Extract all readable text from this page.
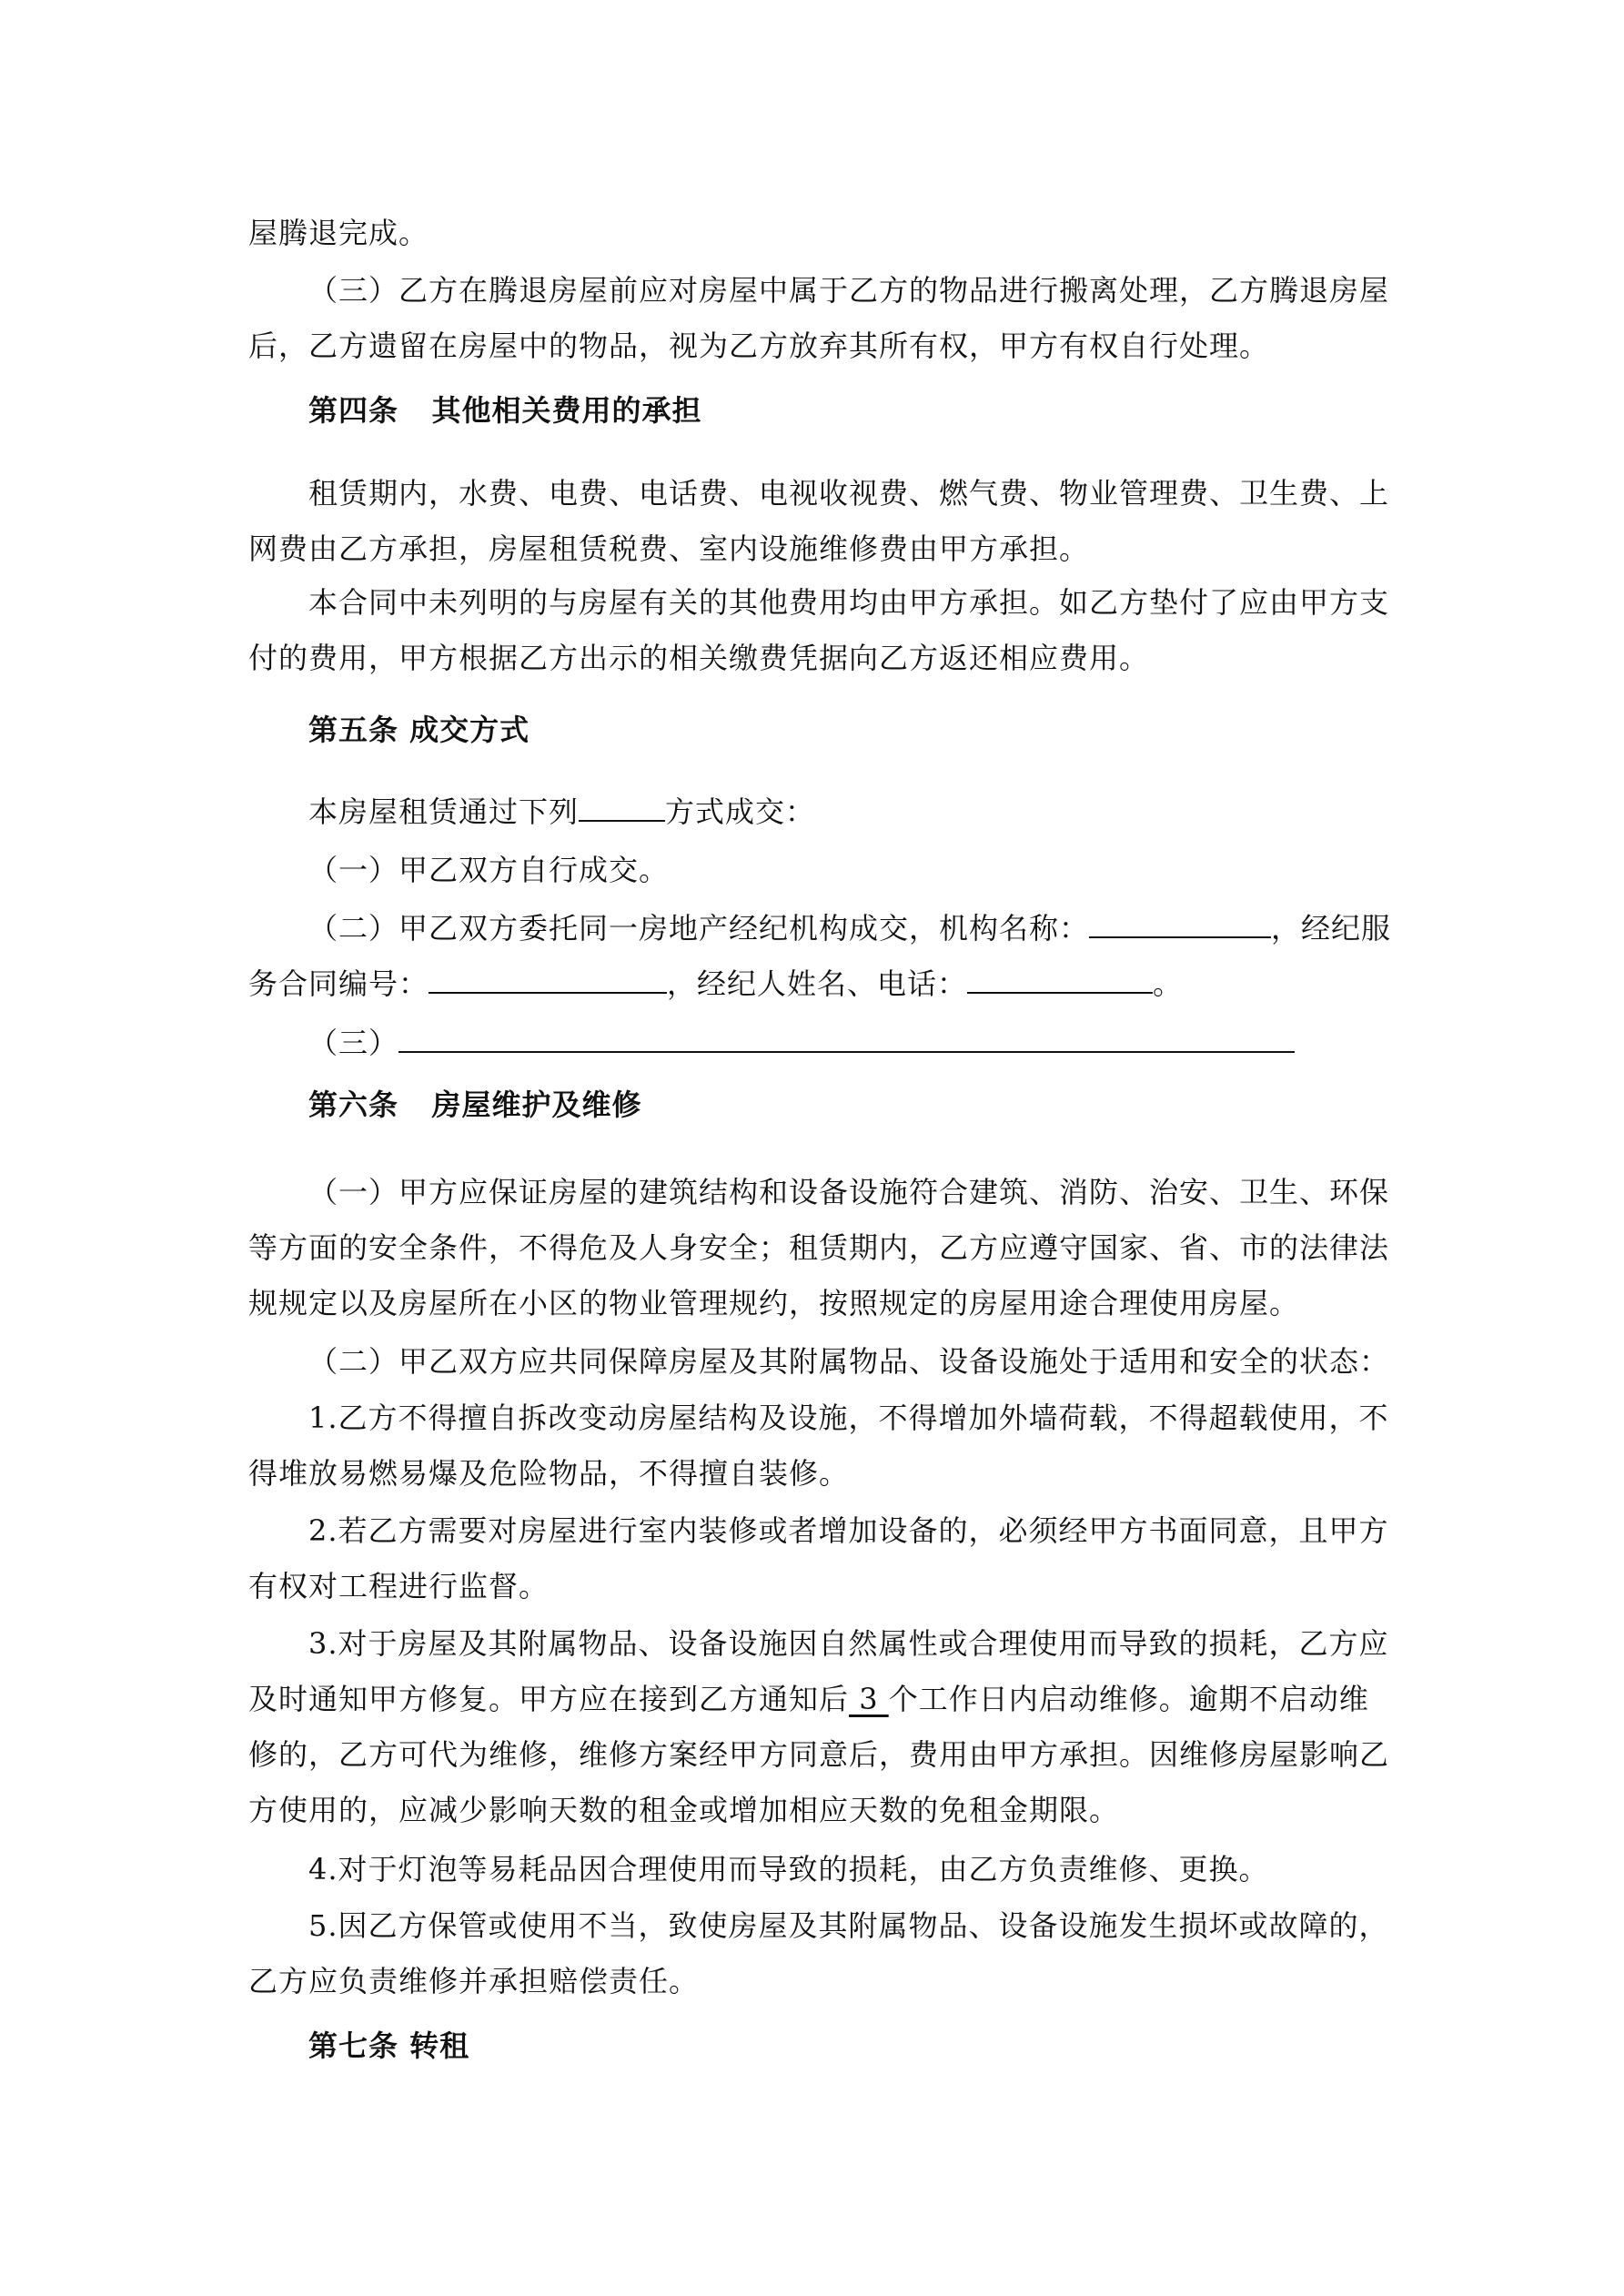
屋腾退完成。

（三）乙方在腾退房屋前应对房屋中属于乙方的物品进行搬离处理，乙方腾退房屋后，乙方遗留在房屋中的物品，视为乙方放弃其所有权，甲方有权自行处理。

第四条 其他相关费用的承担

租赁期内，水费、电费、电话费、电视收视费、燃气费、物业管理费、卫生费、上网费由乙方承担，房屋租赁税费、室内设施维修费由甲方承担。

本合同中未列明的与房屋有关的其他费用均由甲方承担。如乙方垫付了应由甲方支付的费用，甲方根据乙方出示的相关缴费凭据向乙方返还相应费用。

第五条 成交方式

本房屋租赁通过下列	方式成交：

（一）甲乙双方自行成交。

（二）甲乙双方委托同一房地产经纪机构成交，机构名称：	，经纪服务合同编号：	，经纪人姓名、电话：	。

（三）

第六条 房屋维护及维修

（一）甲方应保证房屋的建筑结构和设备设施符合建筑、消防、治安、卫生、环保等方面的安全条件，不得危及人身安全；租赁期内，乙方应遵守国家、省、市的法律法规规定以及房屋所在小区的物业管理规约，按照规定的房屋用途合理使用房屋。

（二）甲乙双方应共同保障房屋及其附属物品、设备设施处于适用和安全的状态：

1.乙方不得擅自拆改变动房屋结构及设施，不得增加外墙荷载，不得超载使用，不得堆放易燃易爆及危险物品，不得擅自装修。

2.若乙方需要对房屋进行室内装修或者增加设备的，必须经甲方书面同意，且甲方有权对工程进行监督。

3.对于房屋及其附属物品、设备设施因自然属性或合理使用而导致的损耗，乙方应及时通知甲方修复。甲方应在接到乙方通知后 3 个工作日内启动维修。逾期不启动维修的，乙方可代为维修，维修方案经甲方同意后，费用由甲方承担。因维修房屋影响乙方使用的，应减少影响天数的租金或增加相应天数的免租金期限。

4.对于灯泡等易耗品因合理使用而导致的损耗，由乙方负责维修、更换。

5.因乙方保管或使用不当，致使房屋及其附属物品、设备设施发生损坏或故障的，乙方应负责维修并承担赔偿责任。

第七条 转租
